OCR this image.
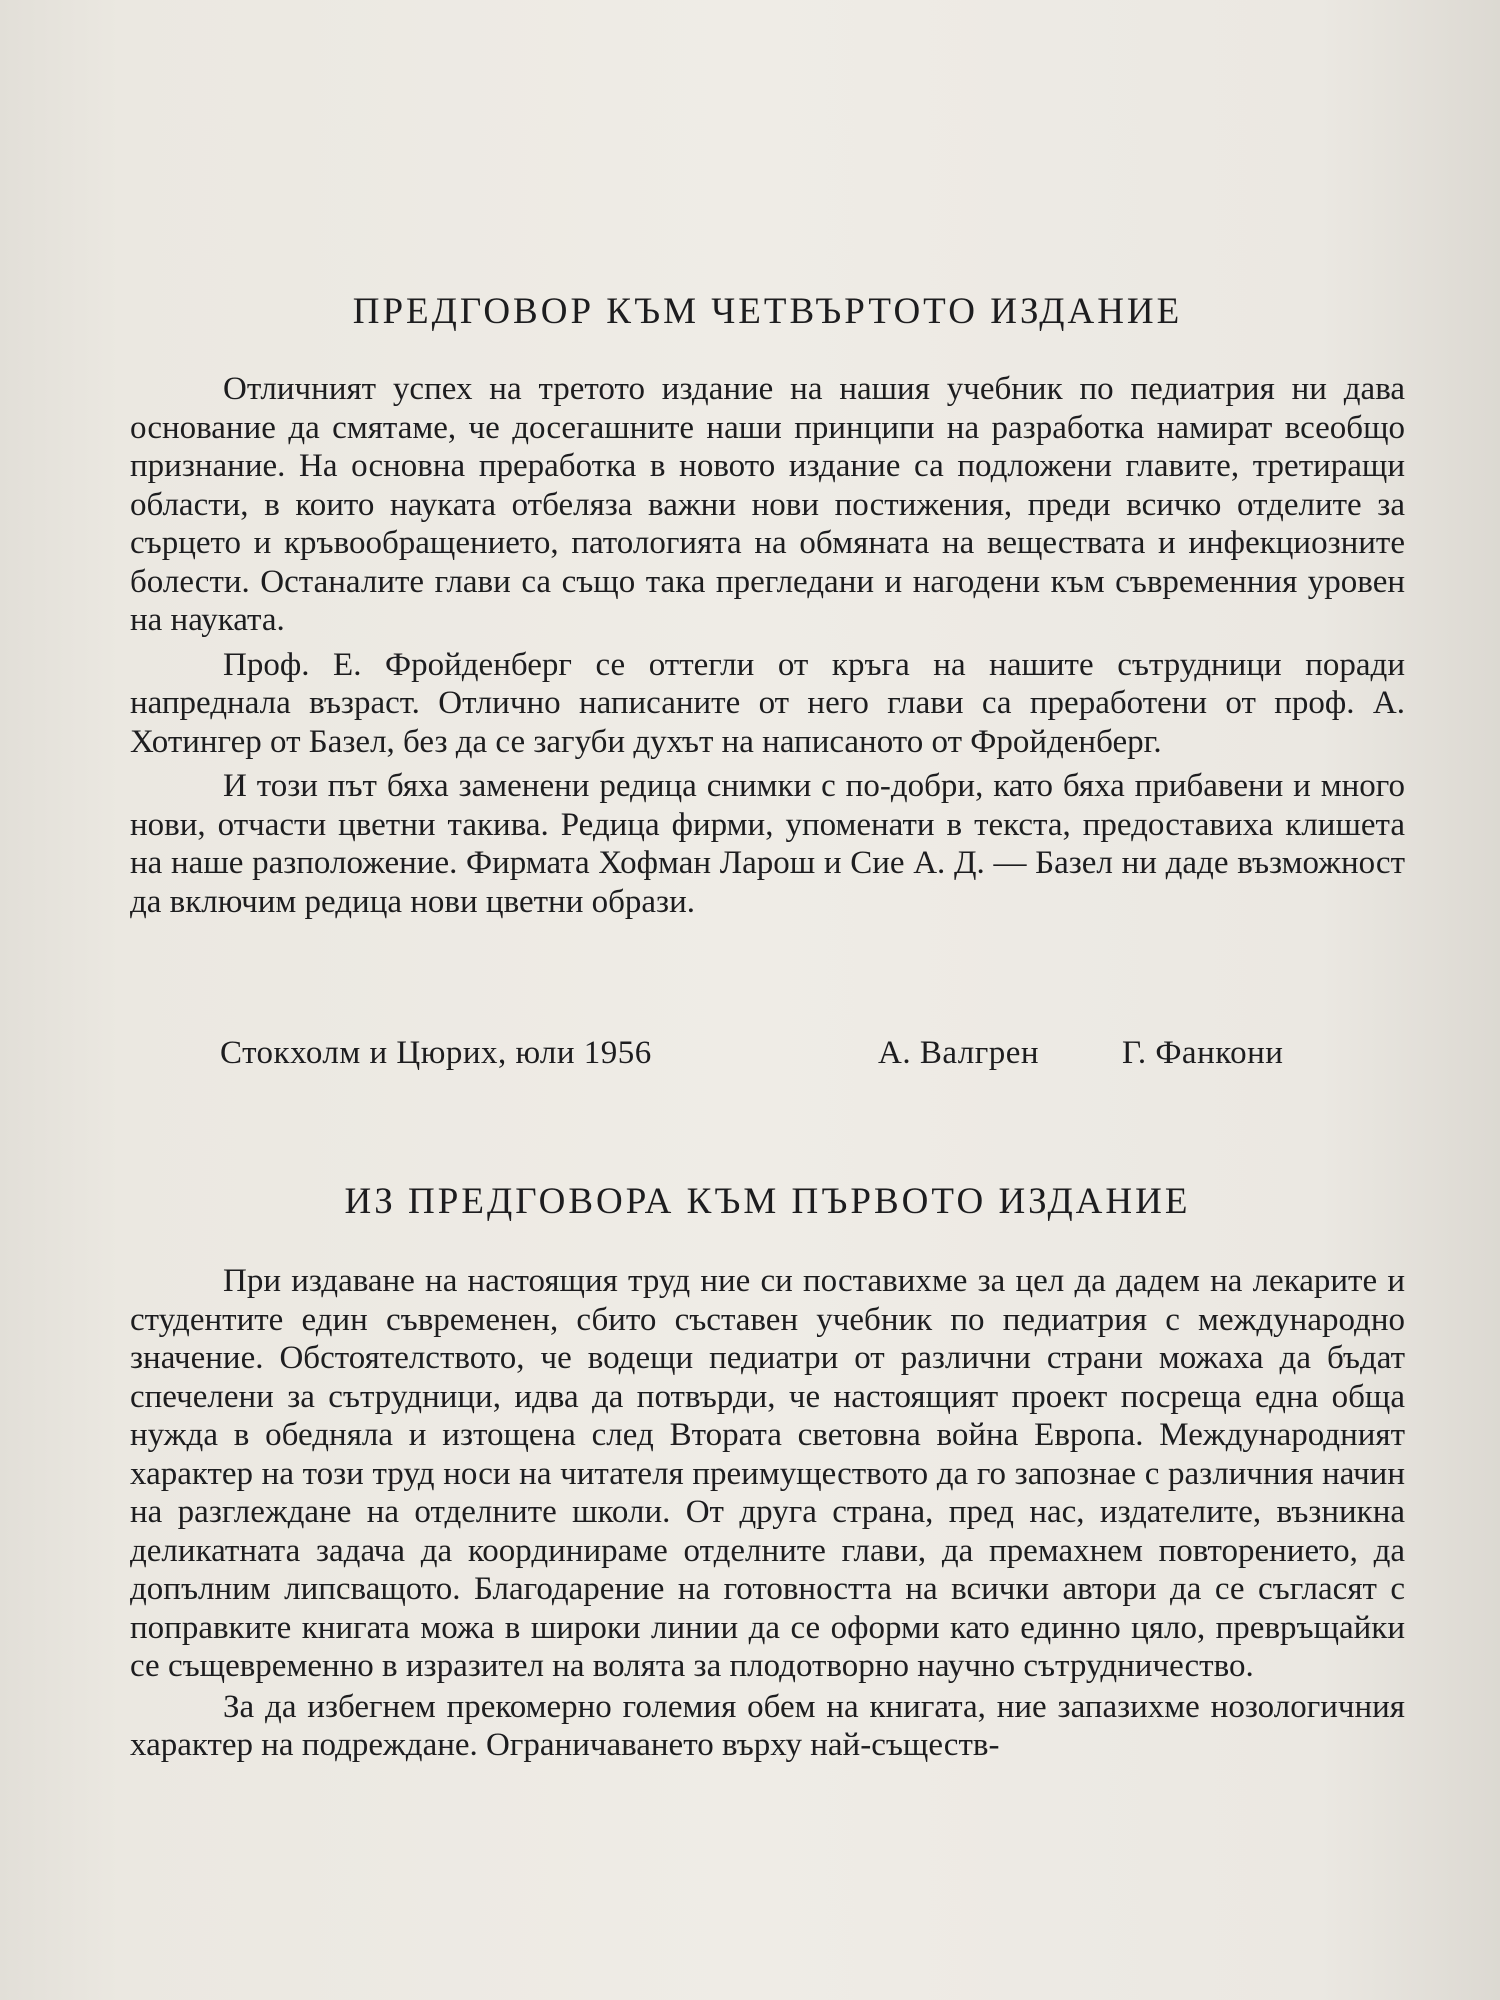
ПРЕДГОВОР КЪМ ЧЕТВЪРТОТО ИЗДАНИЕ

Отличният успех на третото издание на нашия учебник по педиатрия ни дава основание да смятаме, че досегашните наши принципи на разработка намират всеобщо признание. На основна преработка в новото издание са подложени главите, третиращи области, в които науката отбеляза важни нови постижения, преди всичко отделите за сърцето и кръвообращението, патологията на обмяната на веществата и инфекциозните болести. Останалите глави са също така прегледани и нагодени към съвременния уровен на науката.

Проф. Е. Фройденберг се оттегли от кръга на нашите сътрудници поради напреднала възраст. Отлично написаните от него глави са преработени от проф. А. Хотингер от Базел, без да се загуби духът на написаното от Фройденберг.

И този път бяха заменени редица снимки с по-добри, като бяха прибавени и много нови, отчасти цветни такива. Редица фирми, упоменати в текста, предоставиха клишета на наше разположение. Фирмата Хофман Ларош и Сие А. Д. — Базел ни даде възможност да включим редица нови цветни образи.

Стокхолм и Цюрих, юли 1956	А. Валгрен	Г. Фанкони
ИЗ ПРЕДГОВОРА КЪМ ПЪРВОТО ИЗДАНИЕ

При издаване на настоящия труд ние си поставихме за цел да дадем на лекарите и студентите един съвременен, сбито съставен учебник по педиатрия с международно значение. Обстоятелството, че водещи педиатри от различни страни можаха да бъдат спечелени за сътрудници, идва да потвърди, че настоящият проект посреща една обща нужда в обедняла и изтощена след Втората световна война Европа. Международният характер на този труд носи на читателя преимуществото да го запознае с различния начин на разглеждане на отделните школи. От друга страна, пред нас, издателите, възникна деликатната задача да координираме отделните глави, да премахнем повторението, да допълним липсващото. Благодарение на готовността на всички автори да се съгласят с поправките книгата можа в широки линии да се оформи като единно цяло, превръщайки се същевременно в изразител на волята за плодотворно научно сътрудничество.

За да избегнем прекомерно големия обем на книгата, ние запазихме нозологичния характер на подреждане. Ограничаването върху най-съществ-
